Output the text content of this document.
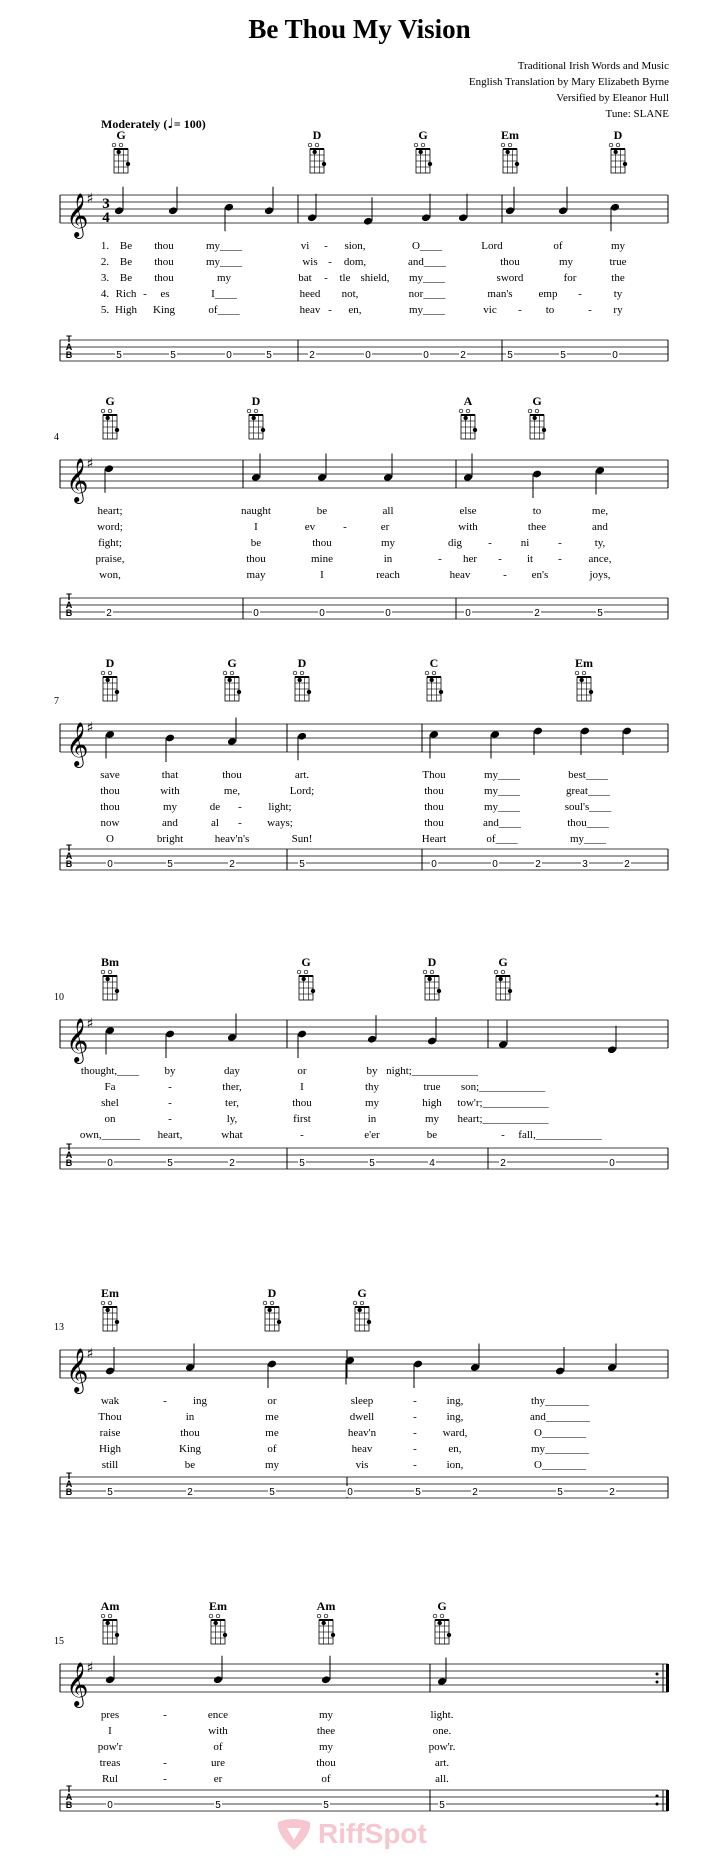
Be Thou My Vision
Traditional Irish Words and Music
English Translation by Mary Elizabeth Byrne
Versified by Eleanor Hull
Tune: SLANE
Moderately (♩= 100)
G	D	G	Em	D
𝄞
♯ 3
4
T
A
B
1. Be thou	my____	vi - sion,	O____	Lord	of	my
2. Be thou	my____	wis - dom,	and____	thou	my	true
3. Be thou	my	bat - tle shield, my____	sword	for	the
4. Rich - es	I____	heed not,	nor____	man's emp -	ty
5. High King	of____	heav - en,	my____	vic - to	- ry
5	5	0	5	2	0	0	2	5	5	0
4
G	D	A	G
𝄞
♯
T
A
B
heart;	naught	be	all	else	to	me,
word;	I	ev	-	er	with	thee	and
fight;	be	thou	my	dig -	ni	-	ty,
praise,	thou	mine	in	- her - it - ance,
won,	may	I	reach	heav	- en's	joys,
2	0	0	0	0	2	5
7
D	G	D	C	Em
𝄞
♯
T
A
B
save	that	thou	art.	Thou	my____	best____
thou	with	me,	Lord;	thou	my____	great____
thou	my	de - light;	thou	my____	soul's____
now	and	al - ways;	thou	and____	thou____
O	bright	heav'n's	Sun!	Heart	of____	my____
0	5	2	5	0	0	2	3	2
10
Bm	G	D	G
𝄞
♯
T
A
B
thought,____ by	day	or	by night;____________
Fa	-	ther,	I	thy	true son;____________
shel	-	ter,	thou	my	high tow'r;____________
on	-	ly,	first	in	my heart;____________
own,_______ heart,	what	-	e'er	be	- fall,____________
0	5	2	5	5	4	2	0
13
Em	D	G
𝄞
♯
T
A
B
wak	- ing	or	sleep	-	ing,	thy________
Thou	in	me	dwell	-	ing,	and________
raise	thou	me	heav'n	- ward,	O________
High	King	of	heav	-	en,	my________
still	be	my	vis	-	ion,	O________
5	2	5	0	5	2	5	2
15
Am	Em	Am	G
𝄞
♯
T
A
B
pres	-	ence	my	light.
I	with	thee	one.
pow'r	of	my	pow'r.
treas	-	ure	thou	art.
Rul	-	er	of	all.
0	5	5	5
RiffSpot
